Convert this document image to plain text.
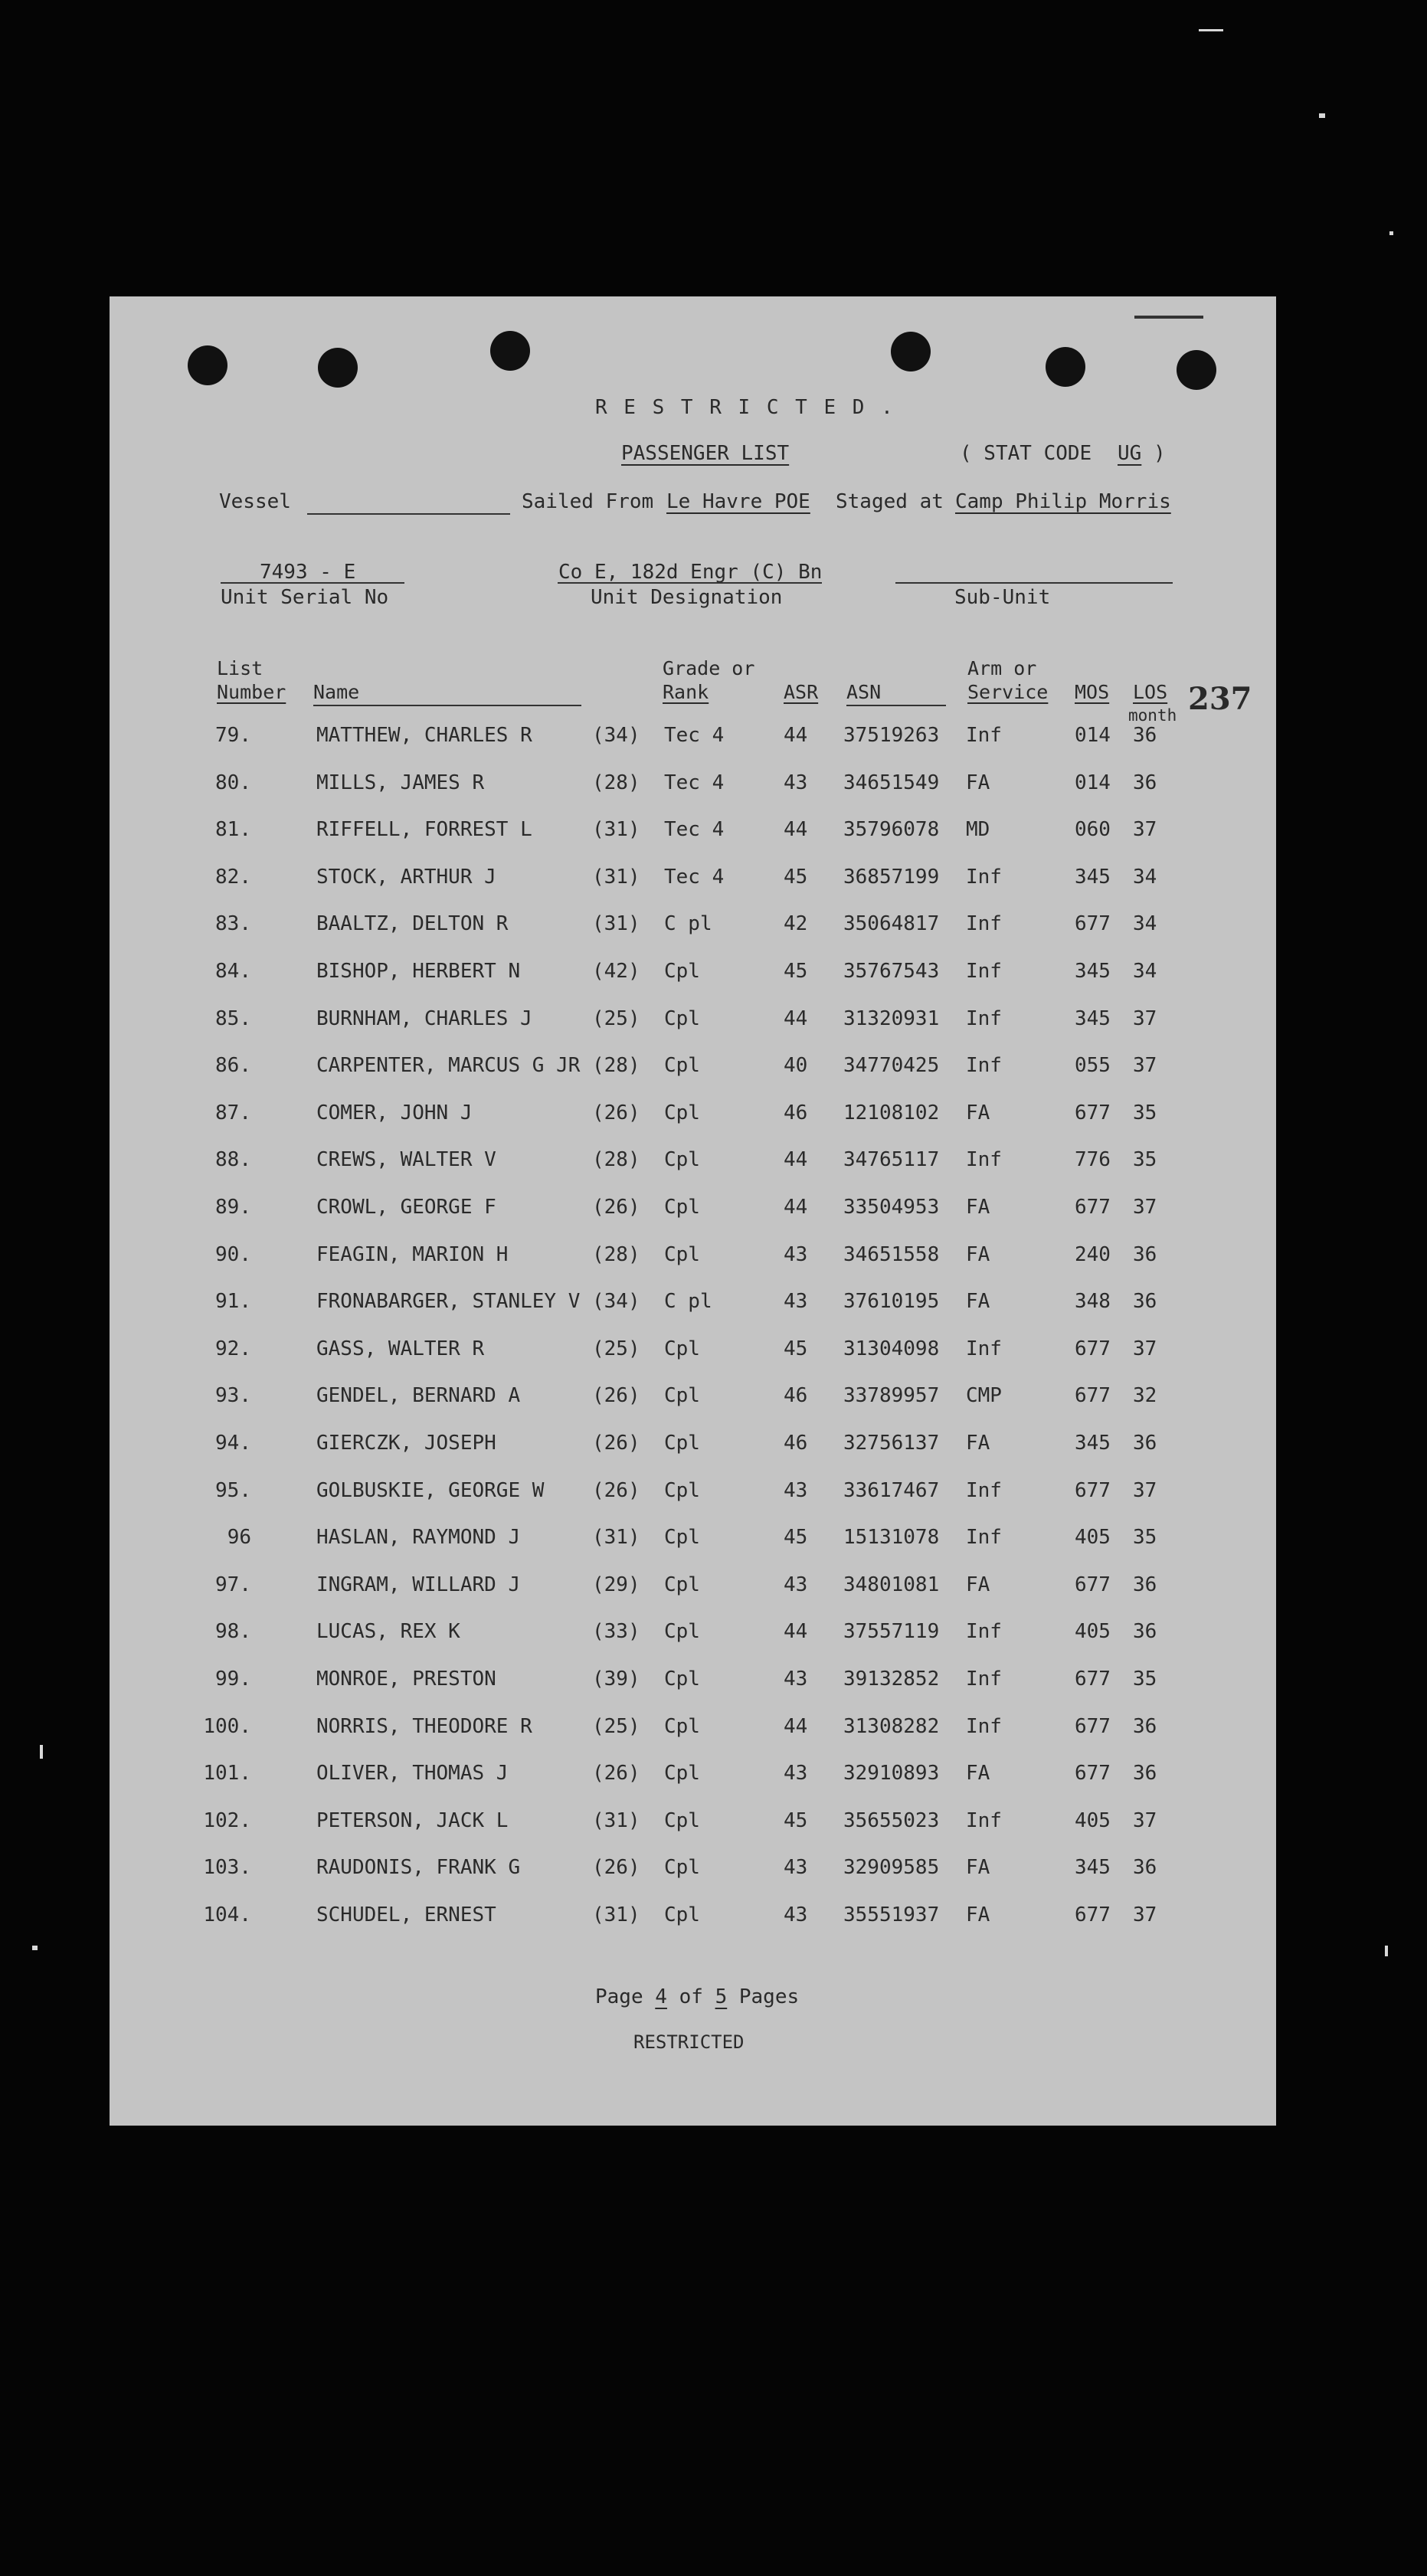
R E S T R I C T E D .
PASSENGER LIST	( STAT CODE UG )
Vessel	Sailed From Le Havre POE Staged at Camp Philip Morris
7493 - E
Unit Serial No
Co E, 182d Engr (C) Bn
Unit Designation	Sub-Unit
List
Number Name
Grade or
Rank	ASR ASN
Arm or
Service MOS LOS
month 237
79.	MATTHEW, CHARLES R	(34) Tec 4	44 37519263 Inf	014 36
80.	MILLS, JAMES R	(28) Tec 4	43 34651549 FA	014 36
81.	RIFFELL, FORREST L	(31) Tec 4	44 35796078 MD	060 37
82.	STOCK, ARTHUR J	(31) Tec 4	45 36857199 Inf	345 34
83.	BAALTZ, DELTON R	(31) C pl	42 35064817 Inf	677 34
84.	BISHOP, HERBERT N	(42) Cpl	45 35767543 Inf	345 34
85.	BURNHAM, CHARLES J	(25) Cpl	44 31320931 Inf	345 37
86.	CARPENTER, MARCUS G JR (28) Cpl	40 34770425 Inf	055 37
87.	COMER, JOHN J	(26) Cpl	46 12108102 FA	677 35
88.	CREWS, WALTER V	(28) Cpl	44 34765117 Inf	776 35
89.	CROWL, GEORGE F	(26) Cpl	44 33504953 FA	677 37
90.	FEAGIN, MARION H	(28) Cpl	43 34651558 FA	240 36
91.	FRONABARGER, STANLEY V (34) C pl	43 37610195 FA	348 36
92.	GASS, WALTER R	(25) Cpl	45 31304098 Inf	677 37
93.	GENDEL, BERNARD A	(26) Cpl	46 33789957 CMP	677 32
94.	GIERCZK, JOSEPH	(26) Cpl	46 32756137 FA	345 36
95.	GOLBUSKIE, GEORGE W (26) Cpl	43 33617467 Inf	677 37
96	HASLAN, RAYMOND J	(31) Cpl	45 15131078 Inf	405 35
97.	INGRAM, WILLARD J	(29) Cpl	43 34801081 FA	677 36
98.	LUCAS, REX K	(33) Cpl	44 37557119 Inf	405 36
99.	MONROE, PRESTON	(39) Cpl	43 39132852 Inf	677 35
100.	NORRIS, THEODORE R	(25) Cpl	44 31308282 Inf	677 36
101.	OLIVER, THOMAS J	(26) Cpl	43 32910893 FA	677 36
102.	PETERSON, JACK L	(31) Cpl	45 35655023 Inf	405 37
103.	RAUDONIS, FRANK G	(26) Cpl	43 32909585 FA	345 36
104.	SCHUDEL, ERNEST	(31) Cpl	43 35551937 FA	677 37
Page 4 of 5 Pages
RESTRICTED
